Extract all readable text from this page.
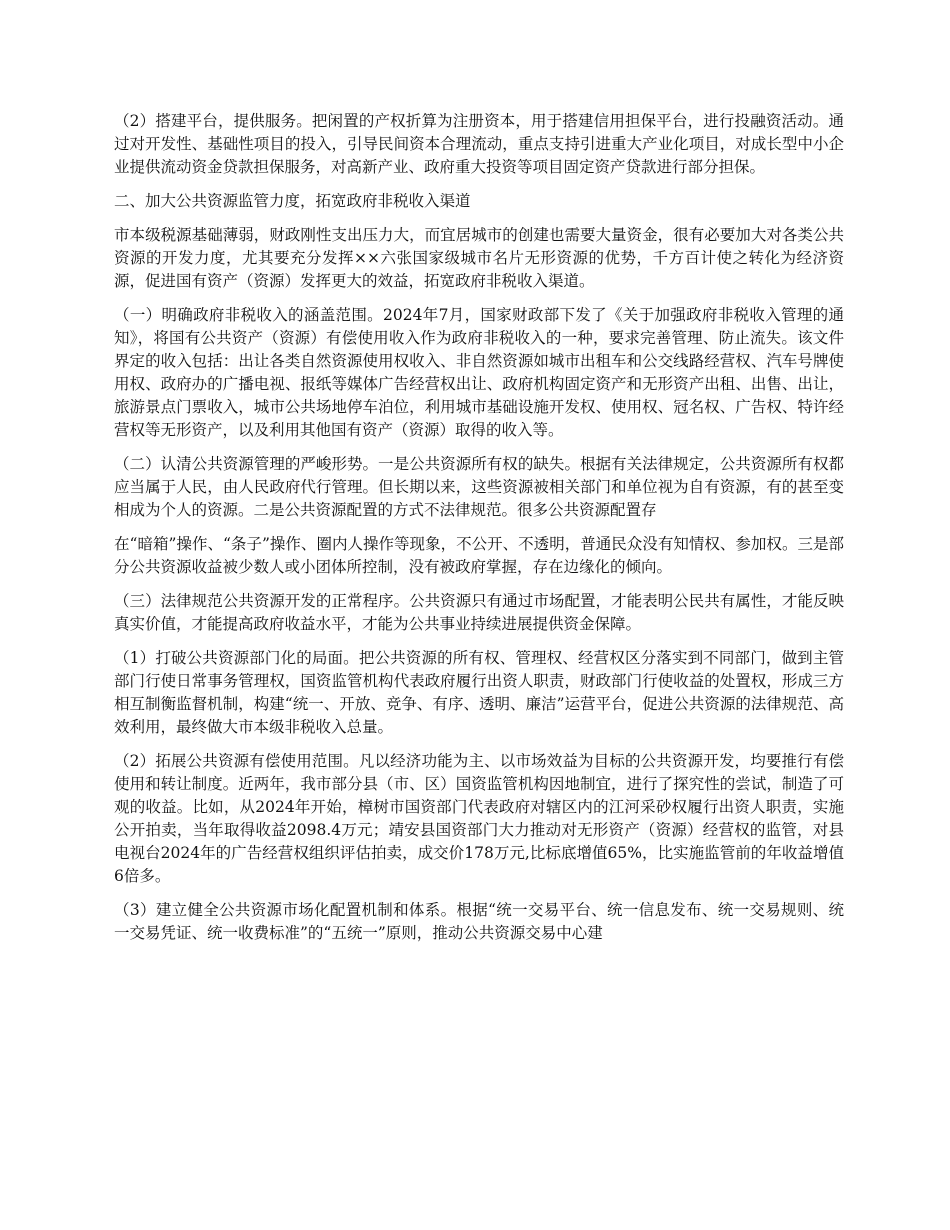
（2）搭建平台，提供服务。把闲置的产权折算为注册资本，用于搭建信用担保平台，进行投融资活动。通过对开发性、基础性项目的投入，引导民间资本合理流动，重点支持引进重大产业化项目，对成长型中小企业提供流动资金贷款担保服务，对高新产业、政府重大投资等项目固定资产贷款进行部分担保。

二、加大公共资源监管力度，拓宽政府非税收入渠道

市本级税源基础薄弱，财政刚性支出压力大，而宜居城市的创建也需要大量资金，很有必要加大对各类公共资源的开发力度，尤其要充分发挥××六张国家级城市名片无形资源的优势，千方百计使之转化为经济资源，促进国有资产（资源）发挥更大的效益，拓宽政府非税收入渠道。

（一）明确政府非税收入的涵盖范围。2024年7月，国家财政部下发了《关于加强政府非税收入管理的通知》，将国有公共资产（资源）有偿使用收入作为政府非税收入的一种，要求完善管理、防止流失。该文件界定的收入包括：出让各类自然资源使用权收入、非自然资源如城市出租车和公交线路经营权、汽车号牌使用权、政府办的广播电视、报纸等媒体广告经营权出让、政府机构固定资产和无形资产出租、出售、出让，旅游景点门票收入，城市公共场地停车泊位，利用城市基础设施开发权、使用权、冠名权、广告权、特许经营权等无形资产，以及利用其他国有资产（资源）取得的收入等。

（二）认清公共资源管理的严峻形势。一是公共资源所有权的缺失。根据有关法律规定，公共资源所有权都应当属于人民，由人民政府代行管理。但长期以来，这些资源被相关部门和单位视为自有资源，有的甚至变相成为个人的资源。二是公共资源配置的方式不法律规范。很多公共资源配置存

在“暗箱”操作、“条子”操作、圈内人操作等现象，不公开、不透明，普通民众没有知情权、参加权。三是部分公共资源收益被少数人或小团体所控制，没有被政府掌握，存在边缘化的倾向。

（三）法律规范公共资源开发的正常程序。公共资源只有通过市场配置，才能表明公民共有属性，才能反映真实价值，才能提高政府收益水平，才能为公共事业持续进展提供资金保障。

（1）打破公共资源部门化的局面。把公共资源的所有权、管理权、经营权区分落实到不同部门，做到主管部门行使日常事务管理权，国资监管机构代表政府履行出资人职责，财政部门行使收益的处置权，形成三方相互制衡监督机制，构建“统一、开放、竞争、有序、透明、廉洁”运营平台，促进公共资源的法律规范、高效利用，最终做大市本级非税收入总量。

（2）拓展公共资源有偿使用范围。凡以经济功能为主、以市场效益为目标的公共资源开发，均要推行有偿使用和转让制度。近两年，我市部分县（市、区）国资监管机构因地制宜，进行了探究性的尝试，制造了可观的收益。比如，从2024年开始，樟树市国资部门代表政府对辖区内的江河采砂权履行出资人职责，实施公开拍卖，当年取得收益2098.4万元；靖安县国资部门大力推动对无形资产（资源）经营权的监管，对县电视台2024年的广告经营权组织评估拍卖，成交价178万元,比标底增值65%，比实施监管前的年收益增值6倍多。

（3）建立健全公共资源市场化配置机制和体系。根据“统一交易平台、统一信息发布、统一交易规则、统一交易凭证、统一收费标准”的“五统一”原则，推动公共资源交易中心建
